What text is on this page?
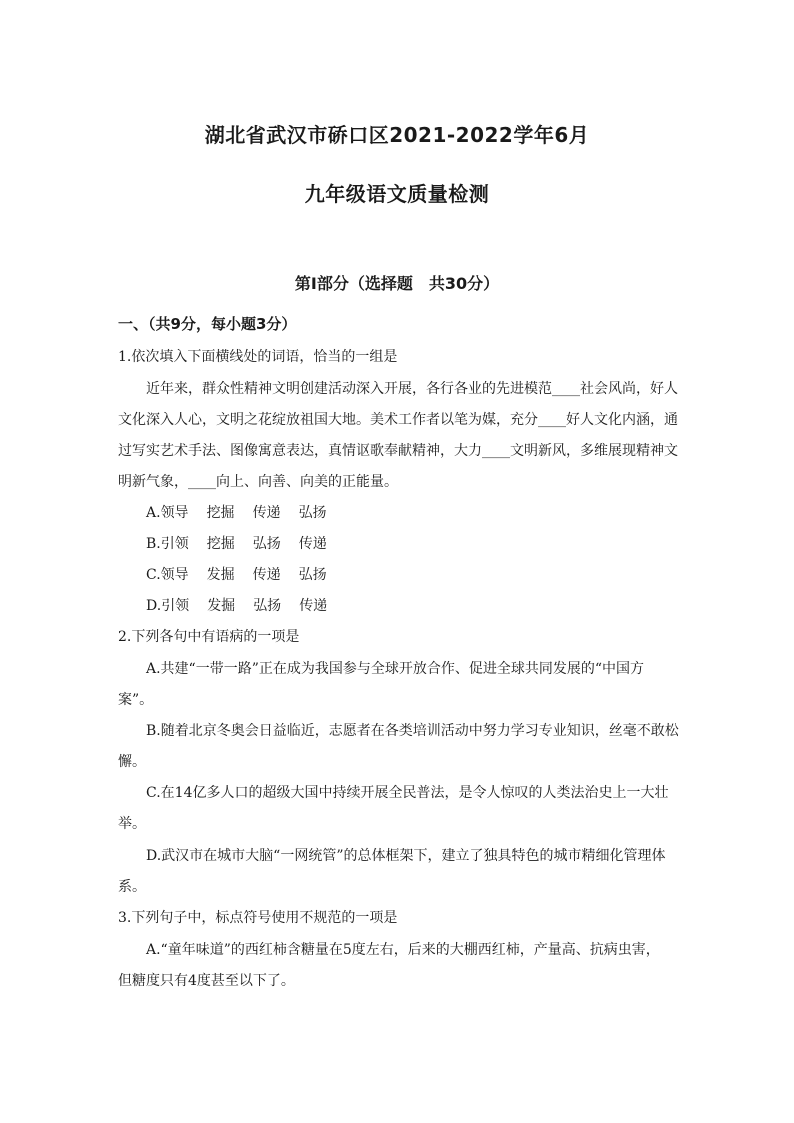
湖北省武汉市硚口区2021-2022学年6月
九年级语文质量检测
第Ⅰ部分（选择题　共30分）
一、（共9分，每小题3分）
1.依次填入下面横线处的词语，恰当的一组是
近年来，群众性精神文明创建活动深入开展，各行各业的先进模范____社会风尚，好人
文化深入人心，文明之花绽放祖国大地。美术工作者以笔为媒，充分____好人文化内涵，通
过写实艺术手法、图像寓意表达，真情讴歌奉献精神，大力____文明新风，多维展现精神文
明新气象，____向上、向善、向美的正能量。
A.领导 挖掘 传递 弘扬
B.引领 挖掘 弘扬 传递
C.领导 发掘 传递 弘扬
D.引领 发掘 弘扬 传递
2.下列各句中有语病的一项是
A.共建“一带一路”正在成为我国参与全球开放合作、促进全球共同发展的“中国方
案”。
B.随着北京冬奥会日益临近，志愿者在各类培训活动中努力学习专业知识，丝毫不敢松
懈。
C.在14亿多人口的超级大国中持续开展全民普法，是令人惊叹的人类法治史上一大壮
举。
D.武汉市在城市大脑“一网统管”的总体框架下，建立了独具特色的城市精细化管理体
系。
3.下列句子中，标点符号使用不规范的一项是
A.“童年味道”的西红柿含糖量在5度左右，后来的大棚西红柿，产量高、抗病虫害，
但糖度只有4度甚至以下了。
